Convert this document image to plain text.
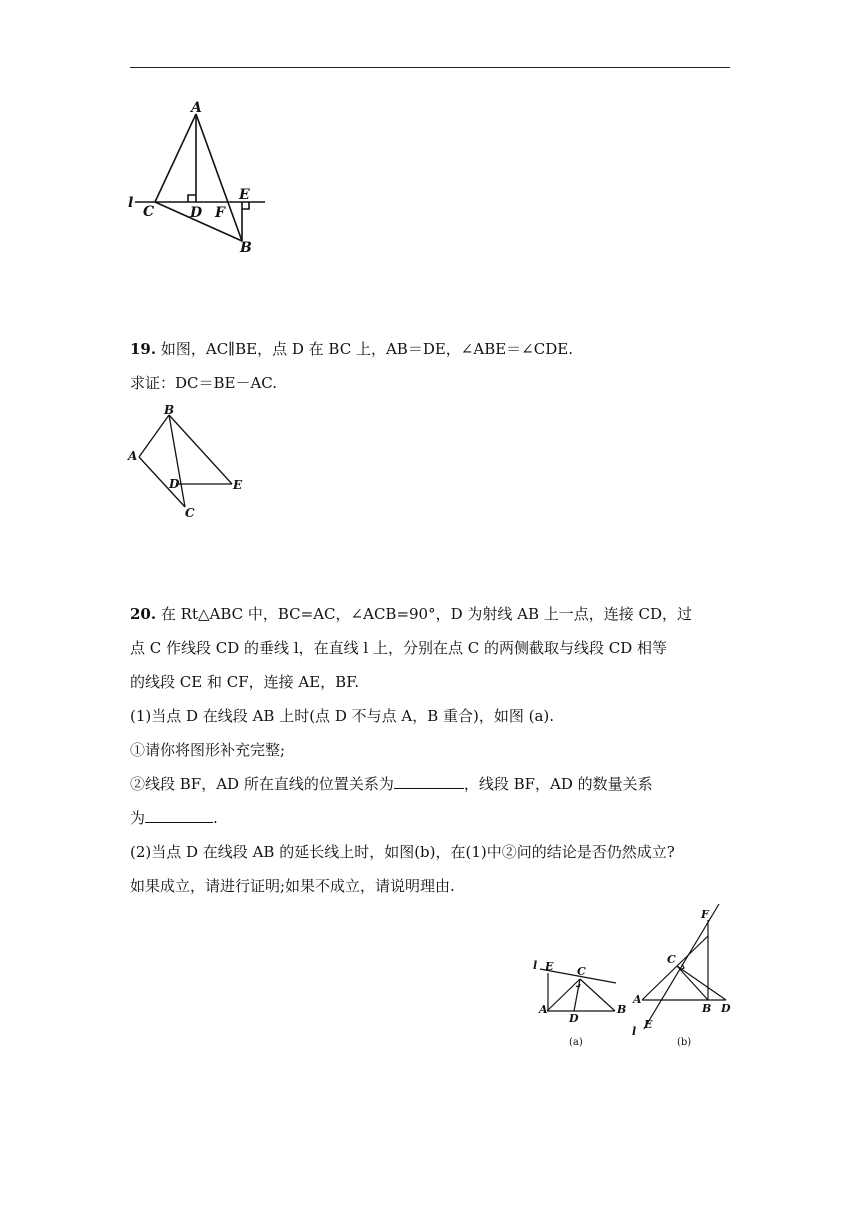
A
l
C	D F
E
B
19. 如图，AC∥BE，点 D 在 BC 上，AB＝DE，∠ABE＝∠CDE.
求证：DC＝BE－AC.
B
A
D	E
C
20. 在 Rt△ABC 中，BC=AC，∠ACB=90°，D 为射线 AB 上一点，连接 CD，过
点 C 作线段 CD 的垂线 l，在直线 l 上，分别在点 C 的两侧截取与线段 CD 相等
的线段 CE 和 CF，连接 AE，BF.
(1)当点 D 在线段 AB 上时(点 D 不与点 A，B 重合)，如图 (a).
①请你将图形补充完整;
②线段 BF，AD 所在直线的位置关系为	，线段 BF，AD 的数量关系
为	.
(2)当点 D 在线段 AB 的延长线上时，如图(b)，在(1)中②问的结论是否仍然成立?
如果成立，请进行证明;如果不成立，请说明理由.
l E C
A	B
D
(a)
F
C
A
B D
l
E
(b)
